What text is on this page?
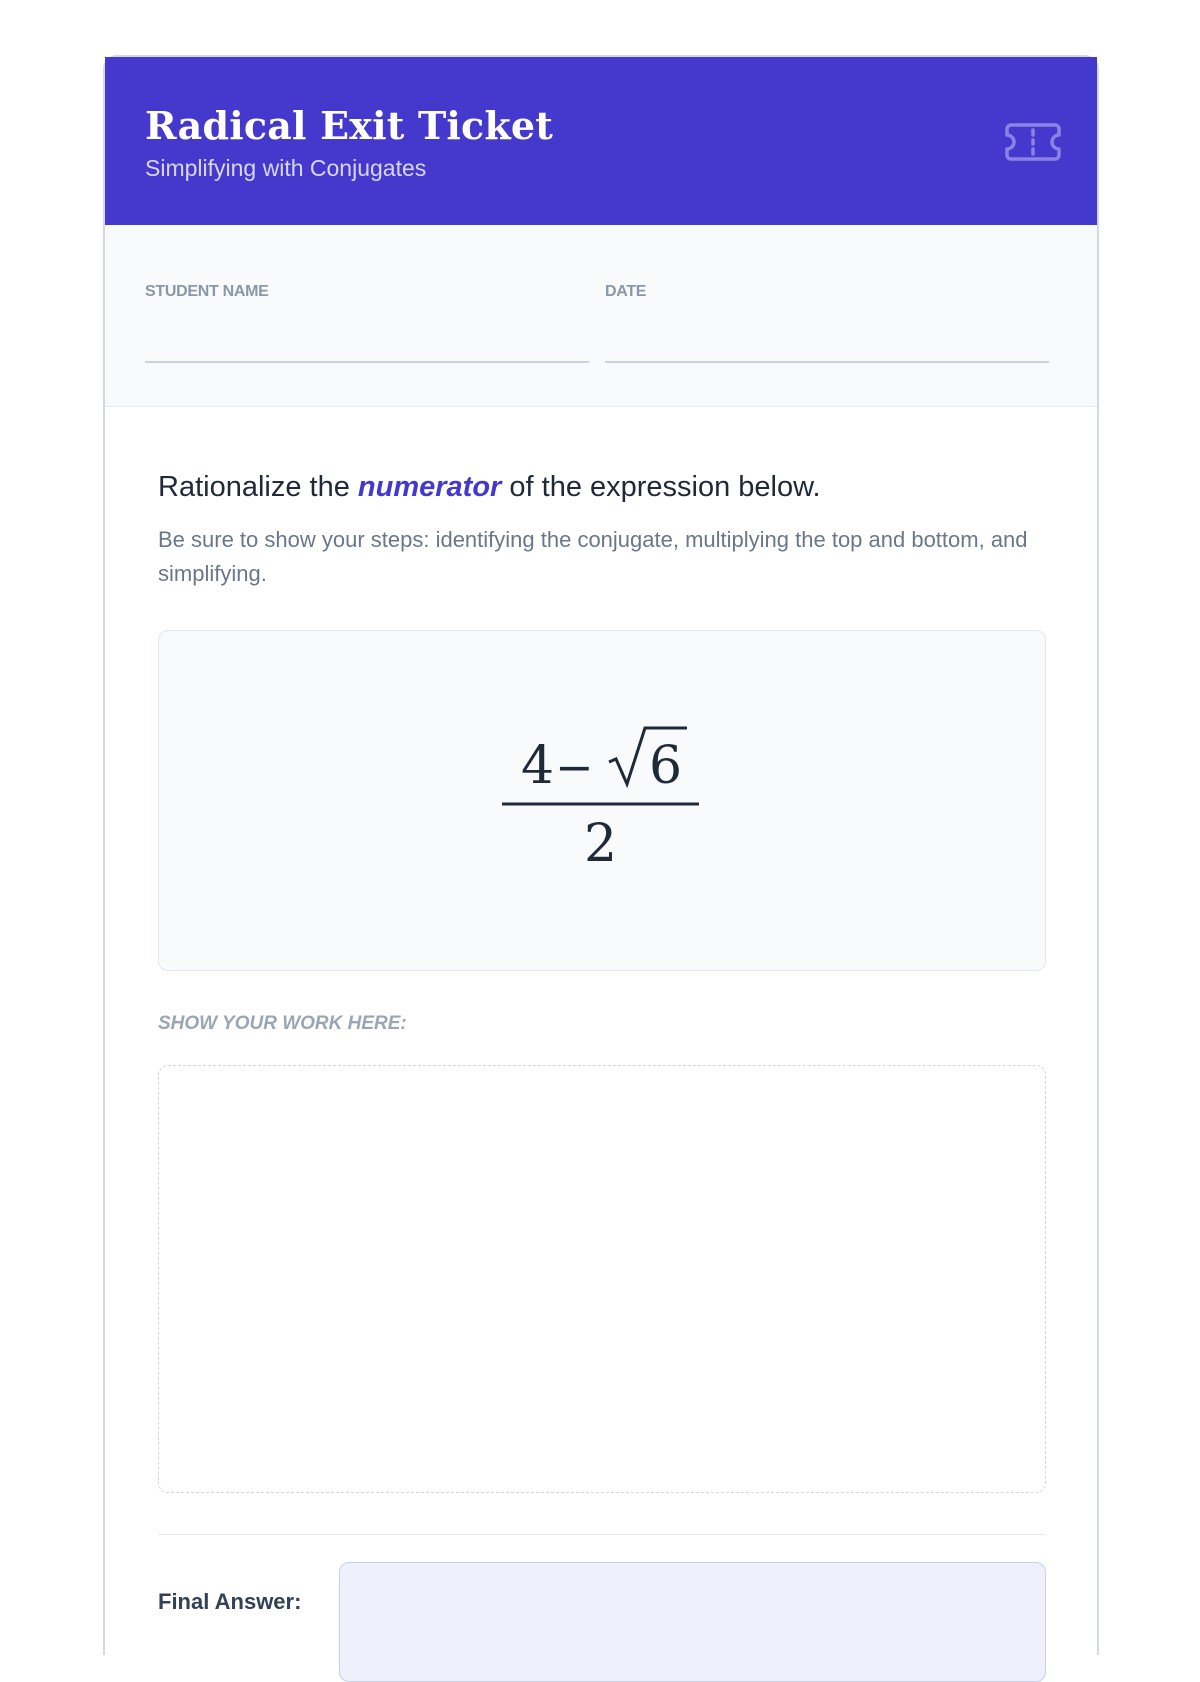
Radical Exit Ticket
Simplifying with Conjugates
STUDENT NAME	DATE
Rationalize the numerator of the expression below.
Be sure to show your steps: identifying the conjugate, multiplying the top and bottom, and simplifying.
4 − 6
2
SHOW YOUR WORK HERE:
Final Answer:
